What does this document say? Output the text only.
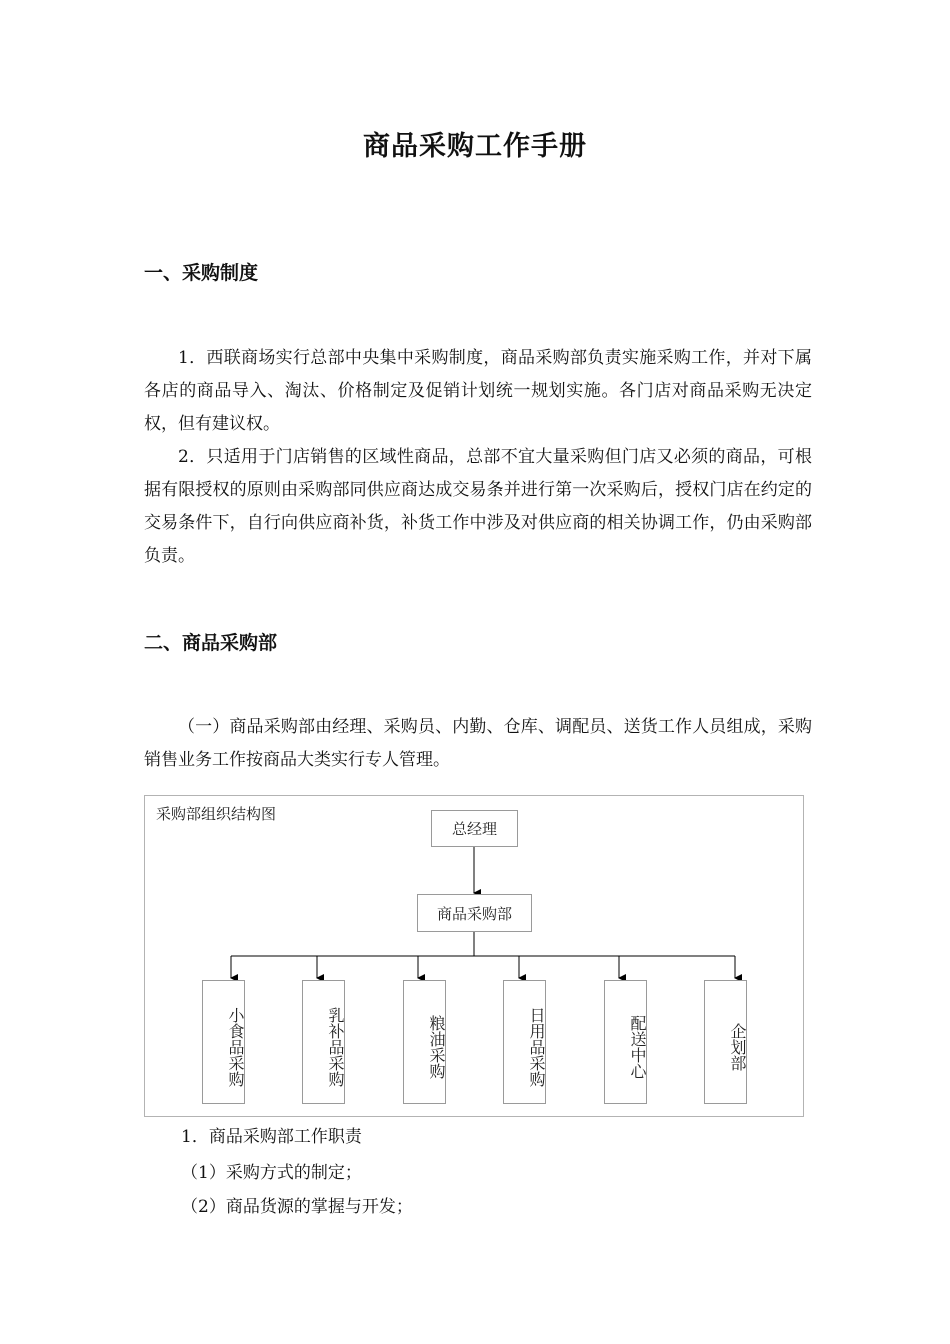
商品采购工作手册
一、采购制度

1．西联商场实行总部中央集中采购制度，商品采购部负责实施采购工作，并对下属各店的商品导入、淘汰、价格制定及促销计划统一规划实施。各门店对商品采购无决定权，但有建议权。

2．只适用于门店销售的区域性商品，总部不宜大量采购但门店又必须的商品，可根据有限授权的原则由采购部同供应商达成交易条并进行第一次采购后，授权门店在约定的交易条件下，自行向供应商补货，补货工作中涉及对供应商的相关协调工作，仍由采购部负责。

二、商品采购部

（一）商品采购部由经理、采购员、内勤、仓库、调配员、送货工作人员组成，采购销售业务工作按商品大类实行专人管理。

采购部组织结构图
总经理
商品采购部
小食品采购	乳补品采购	粮油采购	日用品采购	配送中心	企划部
1．商品采购部工作职责
（1）采购方式的制定；
（2）商品货源的掌握与开发；
